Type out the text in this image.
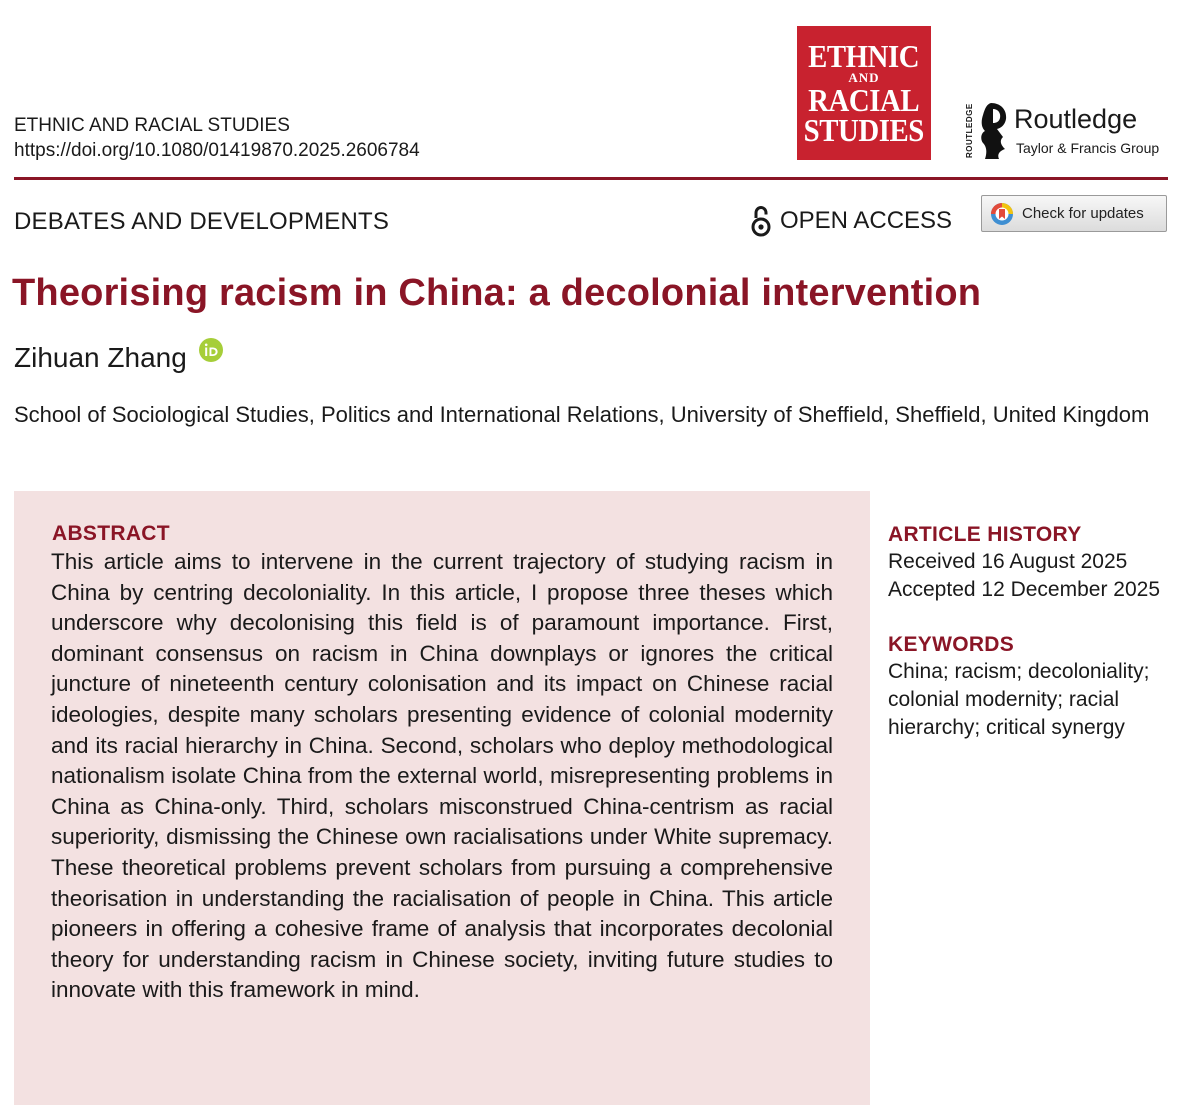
ETHNIC AND RACIAL STUDIES
https://doi.org/10.1080/01419870.2025.2606784
ETHNIC
AND
RACIAL
STUDIES	ROUTLEDGE Routledge
Taylor & Francis Group
DEBATES AND DEVELOPMENTS	OPEN ACCESS	Check for updates
Theorising racism in China: a decolonial intervention
Zihuan Zhang
School of Sociological Studies, Politics and International Relations, University of Sheffield, Sheffield, United Kingdom
ABSTRACT
This article aims to intervene in the current trajectory of studying racism in China by centring decoloniality. In this article, I propose three theses which underscore why decolonising this field is of paramount importance. First, dominant consensus on racism in China downplays or ignores the critical juncture of nineteenth century colonisation and its impact on Chinese racial ideologies, despite many scholars presenting evidence of colonial modernity and its racial hierarchy in China. Second, scholars who deploy methodological nationalism isolate China from the external world, misrepresenting problems in China as China-only. Third, scholars misconstrued China-centrism as racial superiority, dismissing the Chinese own racialisations under White supremacy. These theoretical problems prevent scholars from pursuing a comprehensive theorisation in understanding the racialisation of people in China. This article pioneers in offering a cohesive frame of analysis that incorporates decolonial theory for understanding racism in Chinese society, inviting future studies to innovate with this framework in mind.
ARTICLE HISTORY
Received 16 August 2025
Accepted 12 December 2025
KEYWORDS
China; racism; decoloniality;
colonial modernity; racial
hierarchy; critical synergy
